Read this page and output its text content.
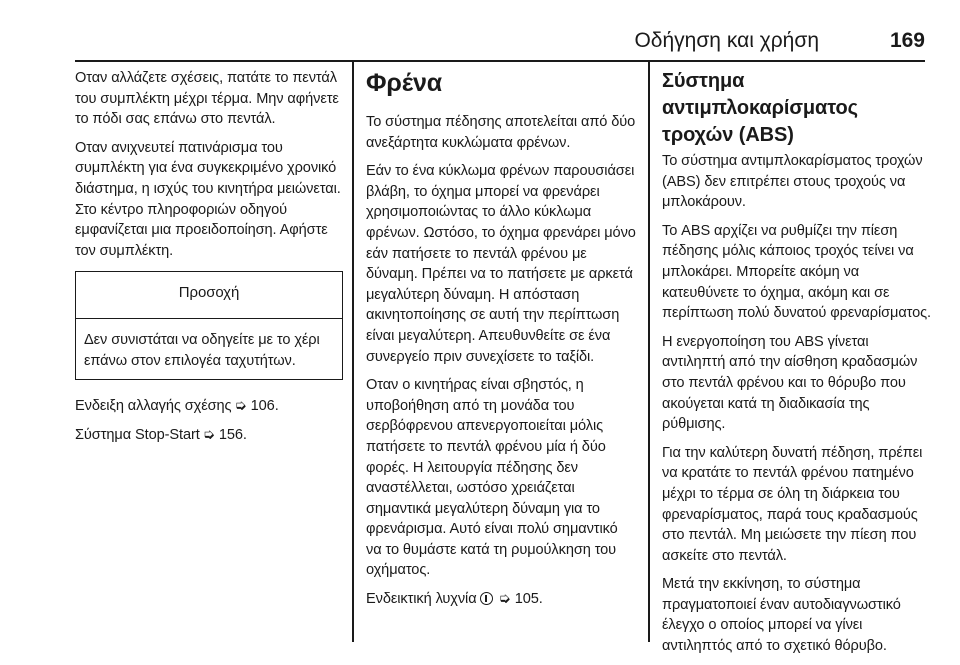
Οδήγηση και χρήση	169

Οταν αλλάζετε σχέσεις, πατάτε το πεντάλ του συμπλέκτη μέχρι τέρμα. Μην αφήνετε το πόδι σας επάνω στο πεντάλ.

Οταν ανιχνευτεί πατινάρισμα του συμπλέκτη για ένα συγκεκριμένο χρονικό διάστημα, η ισχύς του κινητήρα μειώνεται. Στο κέντρο πληροφοριών οδηγού εμφανίζεται μια προειδοποίηση. Αφήστε τον συμπλέκτη.

Προσοχή
Δεν συνιστάται να οδηγείτε με το χέρι επάνω στον επιλογέα ταχυτήτων.

Ενδειξη αλλαγής σχέσης ➭ 106.

Σύστημα Stop-Start ➭ 156.

Φρένα

Το σύστημα πέδησης αποτελείται από δύο ανεξάρτητα κυκλώματα φρένων.

Εάν το ένα κύκλωμα φρένων παρουσιάσει βλάβη, το όχημα μπορεί να φρενάρει χρησιμοποιώντας το άλλο κύκλωμα φρένων. Ωστόσο, το όχημα φρενάρει μόνο εάν πατήσετε το πεντάλ φρένου με δύναμη. Πρέπει να το πατήσετε με αρκετά μεγαλύτερη δύναμη. Η απόσταση ακινητοποίησης σε αυτή την περίπτωση είναι μεγαλύτερη. Απευθυνθείτε σε ένα συνεργείο πριν συνεχίσετε το ταξίδι.

Οταν ο κινητήρας είναι σβηστός, η υποβοήθηση από τη μονάδα του σερβόφρενου απενεργοποιείται μόλις πατήσετε το πεντάλ φρένου μία ή δύο φορές. Η λειτουργία πέδησης δεν αναστέλλεται, ωστόσο χρειάζεται σημαντικά μεγαλύτερη δύναμη για το φρενάρισμα. Αυτό είναι πολύ σημαντικό να το θυμάστε κατά τη ρυμούλκηση του οχήματος.

Ενδεικτική λυχνία ➭ 105.

Σύστημα αντιμπλοκαρίσματος τροχών (ABS)

Το σύστημα αντιμπλοκαρίσματος τροχών (ABS) δεν επιτρέπει στους τροχούς να μπλοκάρουν.

Το ABS αρχίζει να ρυθμίζει την πίεση πέδησης μόλις κάποιος τροχός τείνει να μπλοκάρει. Μπορείτε ακόμη να κατευθύνετε το όχημα, ακόμη και σε περίπτωση πολύ δυνατού φρεναρίσματος.

Η ενεργοποίηση του ABS γίνεται αντιληπτή από την αίσθηση κραδασμών στο πεντάλ φρένου και το θόρυβο που ακούγεται κατά τη διαδικασία της ρύθμισης.

Για την καλύτερη δυνατή πέδηση, πρέπει να κρατάτε το πεντάλ φρένου πατημένο μέχρι το τέρμα σε όλη τη διάρκεια του φρεναρίσματος, παρά τους κραδασμούς στο πεντάλ. Μη μειώσετε την πίεση που ασκείτε στο πεντάλ.

Μετά την εκκίνηση, το σύστημα πραγματοποιεί έναν αυτοδιαγνωστικό έλεγχο ο οποίος μπορεί να γίνει αντιληπτός από το σχετικό θόρυβο.
